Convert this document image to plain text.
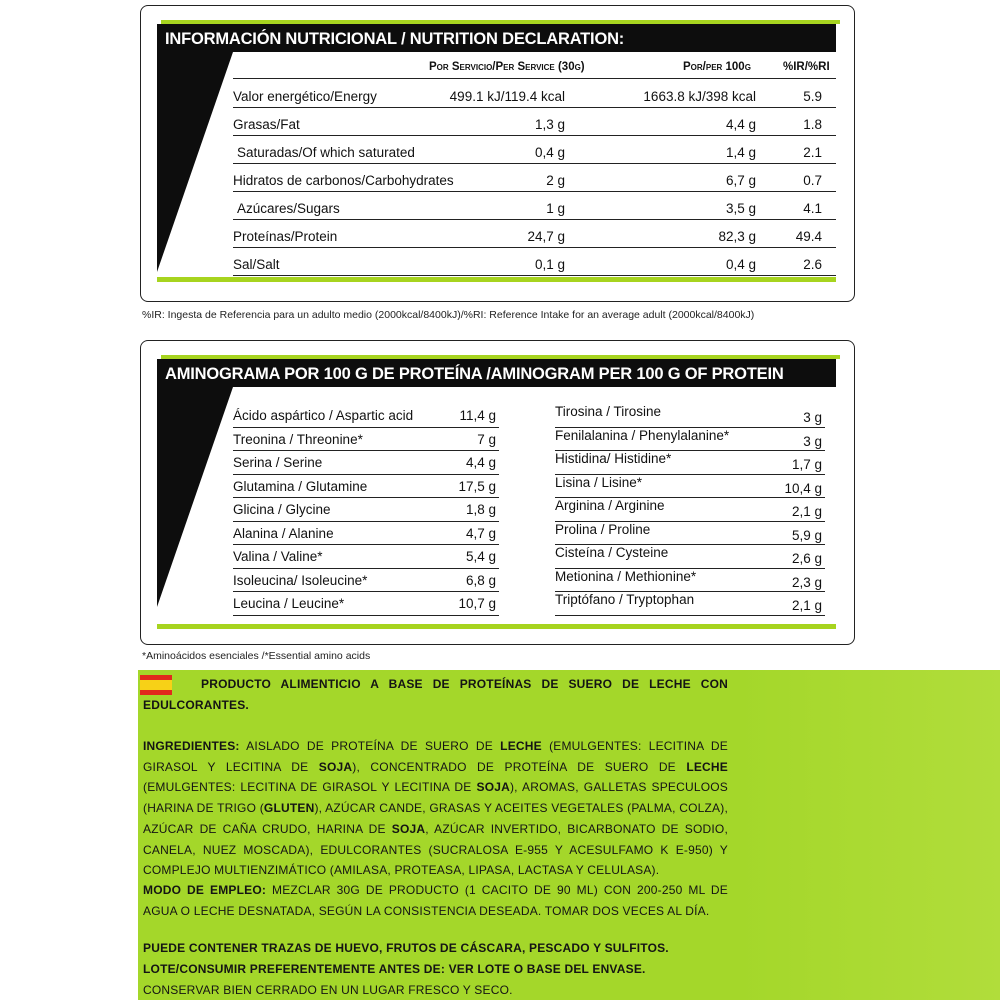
INFORMACIÓN NUTRICIONAL / NUTRITION DECLARATION:
Por Servicio/Per Service (30g)	Por/per 100g	%IR/%RI
Valor energético/Energy	499.1 kJ/119.4 kcal	1663.8 kJ/398 kcal	5.9
Grasas/Fat	1,3 g	4,4 g	1.8
Saturadas/Of which saturated	0,4 g	1,4 g	2.1
Hidratos de carbonos/Carbohydrates	2 g	6,7 g	0.7
Azúcares/Sugars	1 g	3,5 g	4.1
Proteínas/Protein	24,7 g	82,3 g	49.4
Sal/Salt	0,1 g	0,4 g	2.6
%IR: Ingesta de Referencia para un adulto medio (2000kcal/8400kJ)/%RI: Reference Intake for an average adult (2000kcal/8400kJ)
AMINOGRAMA POR 100 G DE PROTEÍNA /AMINOGRAM PER 100 G OF PROTEIN
Ácido aspártico / Aspartic acid	11,4 g
Treonina / Threonine*	7 g
Serina / Serine	4,4 g
Glutamina / Glutamine	17,5 g
Glicina / Glycine	1,8 g
Alanina / Alanine	4,7 g
Valina / Valine*	5,4 g
Isoleucina/ Isoleucine*	6,8 g
Leucina / Leucine*	10,7 g
Tirosina / Tirosine	3 g
Fenilalanina / Phenylalanine*	3 g
Histidina/ Histidine*	1,7 g
Lisina / Lisine*	10,4 g
Arginina / Arginine	2,1 g
Prolina / Proline	5,9 g
Cisteína / Cysteine	2,6 g
Metionina / Methionine*	2,3 g
Triptófano / Tryptophan	2,1 g
*Aminoácidos esenciales /*Essential amino acids
PRODUCTO ALIMENTICIO A BASE DE PROTEÍNAS DE SUERO DE LECHE CON EDULCORANTES.
INGREDIENTES: AISLADO DE PROTEÍNA DE SUERO DE LECHE (EMULGENTES: LECITINA DE GIRASOL Y LECITINA DE SOJA), CONCENTRADO DE PROTEÍNA DE SUERO DE LECHE (EMULGENTES: LECITINA DE GIRASOL Y LECITINA DE SOJA), AROMAS, GALLETAS SPECULOOS (HARINA DE TRIGO (GLUTEN), AZÚCAR CANDE, GRASAS Y ACEITES VEGETALES (PALMA, COLZA), AZÚCAR DE CAÑA CRUDO, HARINA DE SOJA, AZÚCAR INVERTIDO, BICARBONATO DE SODIO, CANELA, NUEZ MOSCADA), EDULCORANTES (SUCRALOSA E-955 Y ACESULFAMO K E-950) Y COMPLEJO MULTIENZIMÁTICO (AMILASA, PROTEASA, LIPASA, LACTASA Y CELULASA).
MODO DE EMPLEO: MEZCLAR 30G DE PRODUCTO (1 CACITO DE 90 ML) CON 200-250 ML DE AGUA O LECHE DESNATADA, SEGÚN LA CONSISTENCIA DESEADA. TOMAR DOS VECES AL DÍA.
PUEDE CONTENER TRAZAS DE HUEVO, FRUTOS DE CÁSCARA, PESCADO Y SULFITOS.
LOTE/CONSUMIR PREFERENTEMENTE ANTES DE: VER LOTE O BASE DEL ENVASE.
CONSERVAR BIEN CERRADO EN UN LUGAR FRESCO Y SECO.
